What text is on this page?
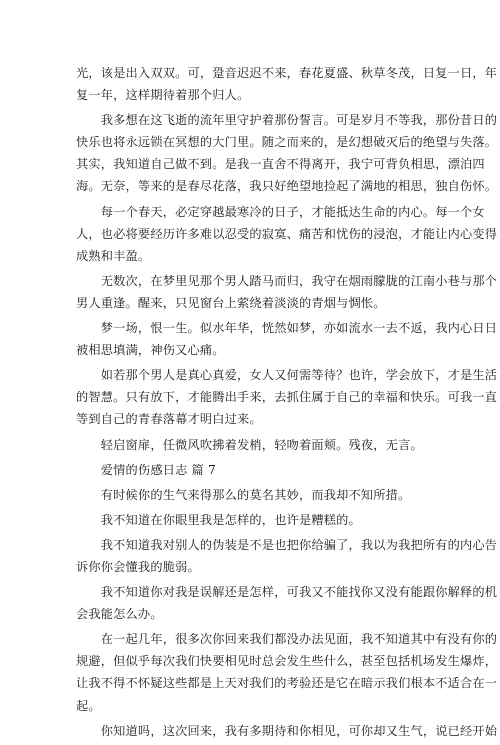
光，该是出入双双。可，跫音迟迟不来，春花夏盛、秋草冬茂，日复一日，年
复一年，这样期待着那个归人。
　　我多想在这飞逝的流年里守护着那份誓言。可是岁月不等我，那份昔日的
快乐也将永远锁在冥想的大门里。随之而来的，是幻想破灭后的绝望与失落。
其实，我知道自己做不到。是我一直舍不得离开，我宁可背负相思，漂泊四
海。无奈，等来的是春尽花落，我只好绝望地捡起了满地的相思，独自伤怀。
　　每一个春天，必定穿越最寒冷的日子，才能抵达生命的内心。每一个女
人，也必将要经历许多难以忍受的寂寞、痛苦和忧伤的浸泡，才能让内心变得
成熟和丰盈。
　　无数次，在梦里见那个男人踏马而归，我守在烟雨朦胧的江南小巷与那个
男人重逢。醒来，只见窗台上萦绕着淡淡的青烟与惆怅。
　　梦一场，恨一生。似水年华，恍然如梦，亦如流水一去不返，我内心日日
被相思填满，神伤又心痛。
　　如若那个男人是真心真爱，女人又何需等待？也许，学会放下，才是生活
的智慧。只有放下，才能腾出手来，去抓住属于自己的幸福和快乐。可我一直
等到自己的青春落幕才明白过来。
　　轻启窗扉，任微风吹拂着发梢，轻吻着面颊。残夜，无言。
　　爱情的伤感日志 篇 7
　　有时候你的生气来得那么的莫名其妙，而我却不知所措。
　　我不知道在你眼里我是怎样的，也许是糟糕的。
　　我不知道我对别人的伪装是不是也把你给骗了，我以为我把所有的内心告
诉你你会懂我的脆弱。
　　我不知道你对我是误解还是怎样，可我又不能找你又没有能跟你解释的机
会我能怎么办。
　　在一起几年，很多次你回来我们都没办法见面，我不知道其中有没有你的
规避，但似乎每次我们快要相见时总会发生些什么，甚至包括机场发生爆炸，
让我不得不怀疑这些都是上天对我们的考验还是它在暗示我们根本不适合在一
起。
　　你知道吗，这次回来，我有多期待和你相见，可你却又生气，说已经开始
